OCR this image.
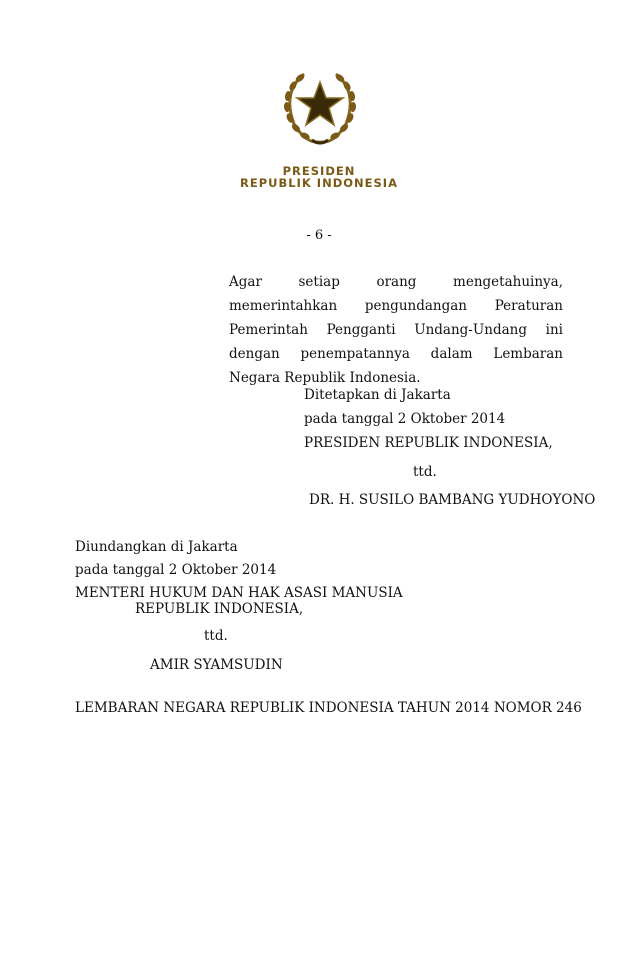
PRESIDEN
REPUBLIK INDONESIA
- 6 -

Agar setiap orang mengetahuinya, memerintahkan pengundangan Peraturan Pemerintah Pengganti Undang-Undang ini dengan penempatannya dalam Lembaran Negara Republik Indonesia.

Ditetapkan di Jakarta
pada tanggal 2 Oktober 2014
PRESIDEN REPUBLIK INDONESIA,
ttd.
DR. H. SUSILO BAMBANG YUDHOYONO
Diundangkan di Jakarta
pada tanggal 2 Oktober 2014
MENTERI HUKUM DAN HAK ASASI MANUSIA
REPUBLIK INDONESIA,
ttd.
AMIR SYAMSUDIN
LEMBARAN NEGARA REPUBLIK INDONESIA TAHUN 2014 NOMOR 246
